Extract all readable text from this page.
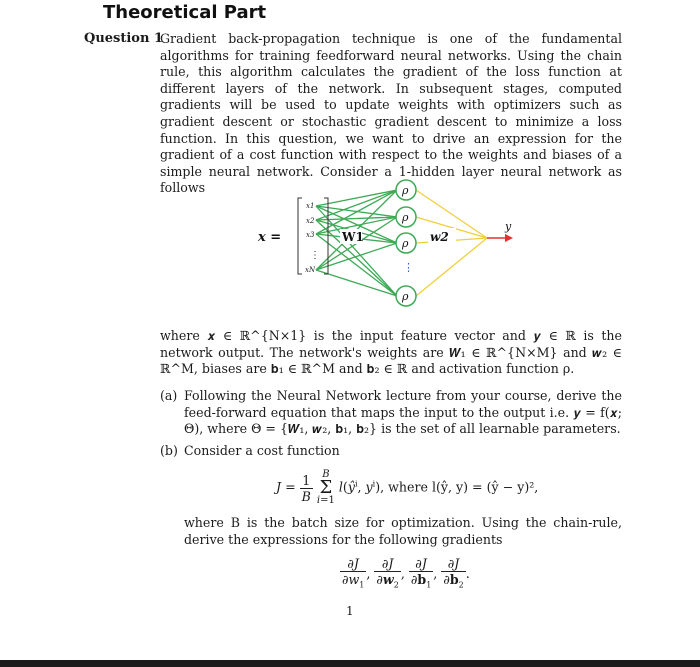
Theoretical Part
Question 1
Gradient back-propagation technique is one of the fundamental algorithms for training feedforward neural networks. Using the chain rule, this algorithm calculates the gradient of the loss function at different layers of the network. In subsequent stages, computed gradients will be used to update weights with optimizers such as gradient descent or stochastic gradient descent to minimize a loss function. In this question, we want to drive an expression for the gradient of a cost function with respect to the weights and biases of a simple neural network. Consider a 1-hidden layer neural network as follows
x =
x1
x2
x3
⋮
xN
W1
ρ
ρ
ρ
⋮
ρ
w2
y
where 𝒙 ∈ ℝ^{N×1} is the input feature vector and 𝒚 ∈ ℝ is the network output. The network's weights are 𝑾₁ ∈ ℝ^{N×M} and 𝒘₂ ∈ ℝ^M, biases are 𝐛₁ ∈ ℝ^M and 𝐛₂ ∈ ℝ and activation function ρ.
(a) Following the Neural Network lecture from your course, derive the feed-forward equation that maps the input to the output i.e. 𝒚 = f(𝒙; Θ), where Θ = {𝑾₁, 𝒘₂, 𝐛₁, 𝐛₂} is the set of all learnable parameters.
(b) Consider a cost function
$J = \frac{1}{B}$
B
Σ
i=1
$l(ŷ^i$, $y^i$), where l(ŷ, y) = (ŷ − y)²,
where B is the batch size for optimization. Using the chain-rule, derive the expressions for the following gradients
$\frac{\partial J}{\partial w_1}$ , $\frac{\partial J}{\partial w_2}$ , $\frac{\partial J}{\partial b_1}$ , $\frac{\partial J}{\partial b_2}$ .
1
